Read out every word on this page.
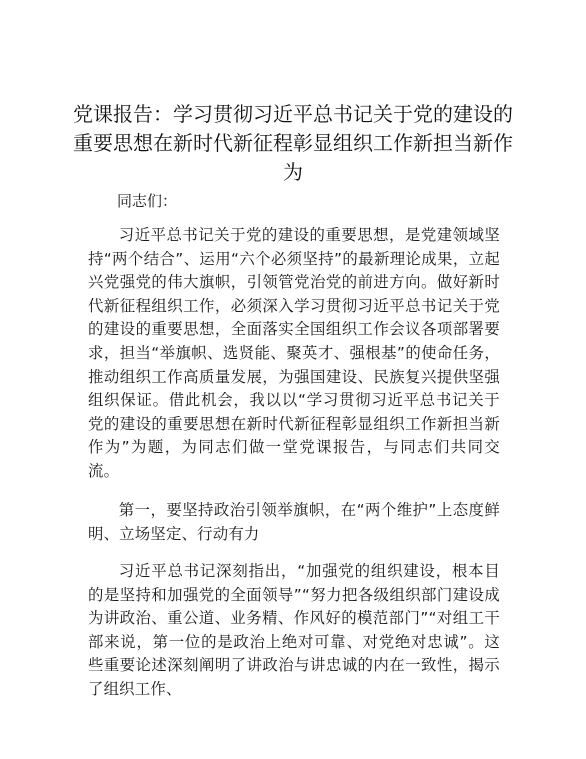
党课报告：学习贯彻习近平总书记关于党的建设的重要思想在新时代新征程彰显组织工作新担当新作为

同志们：

习近平总书记关于党的建设的重要思想，是党建领域坚持“两个结合”、运用“六个必须坚持”的最新理论成果，立起兴党强党的伟大旗帜，引领管党治党的前进方向。做好新时代新征程组织工作，必须深入学习贯彻习近平总书记关于党的建设的重要思想，全面落实全国组织工作会议各项部署要求，担当“举旗帜、选贤能、聚英才、强根基”的使命任务，推动组织工作高质量发展，为强国建设、民族复兴提供坚强组织保证。借此机会，我以以“学习贯彻习近平总书记关于党的建设的重要思想在新时代新征程彰显组织工作新担当新作为”为题，为同志们做一堂党课报告，与同志们共同交流。

第一，要坚持政治引领举旗帜，在“两个维护”上态度鲜明、立场坚定、行动有力

习近平总书记深刻指出，“加强党的组织建设，根本目的是坚持和加强党的全面领导”“努力把各级组织部门建设成为讲政治、重公道、业务精、作风好的模范部门”“对组工干部来说，第一位的是政治上绝对可靠、对党绝对忠诚”。这些重要论述深刻阐明了讲政治与讲忠诚的内在一致性，揭示了组织工作、
